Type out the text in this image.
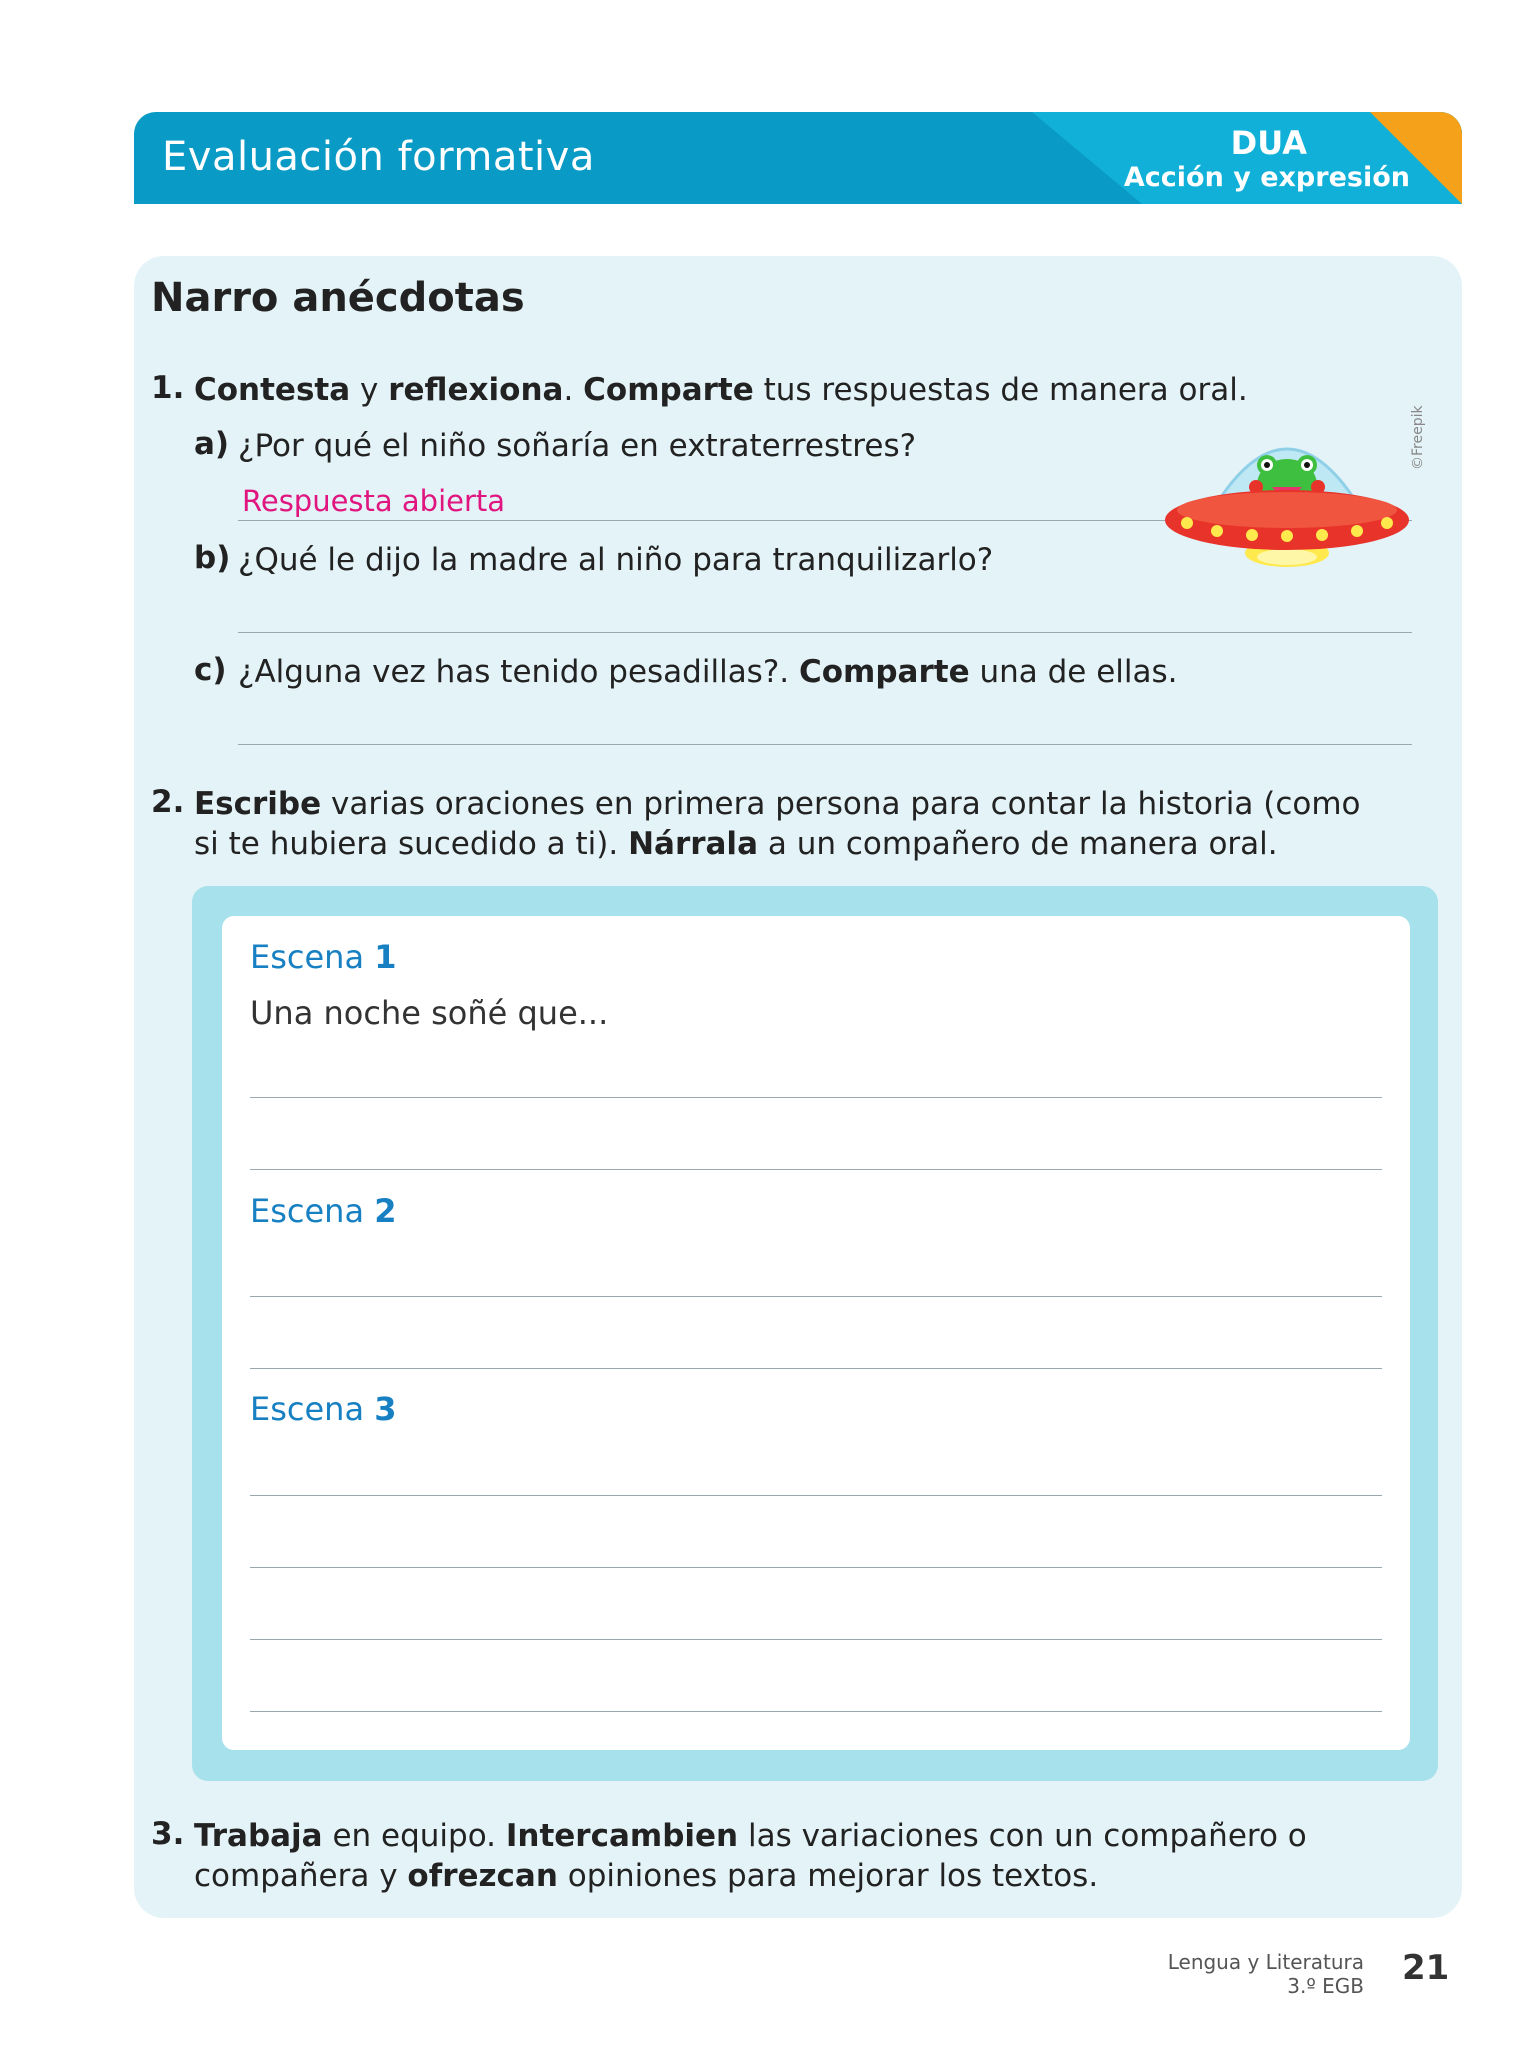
Evaluación formativa	DUA
Acción y expresión
Narro anécdotas
1. Contesta y reflexiona. Comparte tus respuestas de manera oral.
a) ¿Por qué el niño soñaría en extraterrestres?
Respuesta abierta
b) ¿Qué le dijo la madre al niño para tranquilizarlo?
c) ¿Alguna vez has tenido pesadillas?. Comparte una de ellas.
©Freepik
2. Escribe varias oraciones en primera persona para contar la historia (como
si te hubiera sucedido a ti). Nárrala a un compañero de manera oral.
Escena 1
Una noche soñé que...
Escena 2
Escena 3
3. Trabaja en equipo. Intercambien las variaciones con un compañero o
compañera y ofrezcan opiniones para mejorar los textos.
Lengua y Literatura
3.º EGB 21
